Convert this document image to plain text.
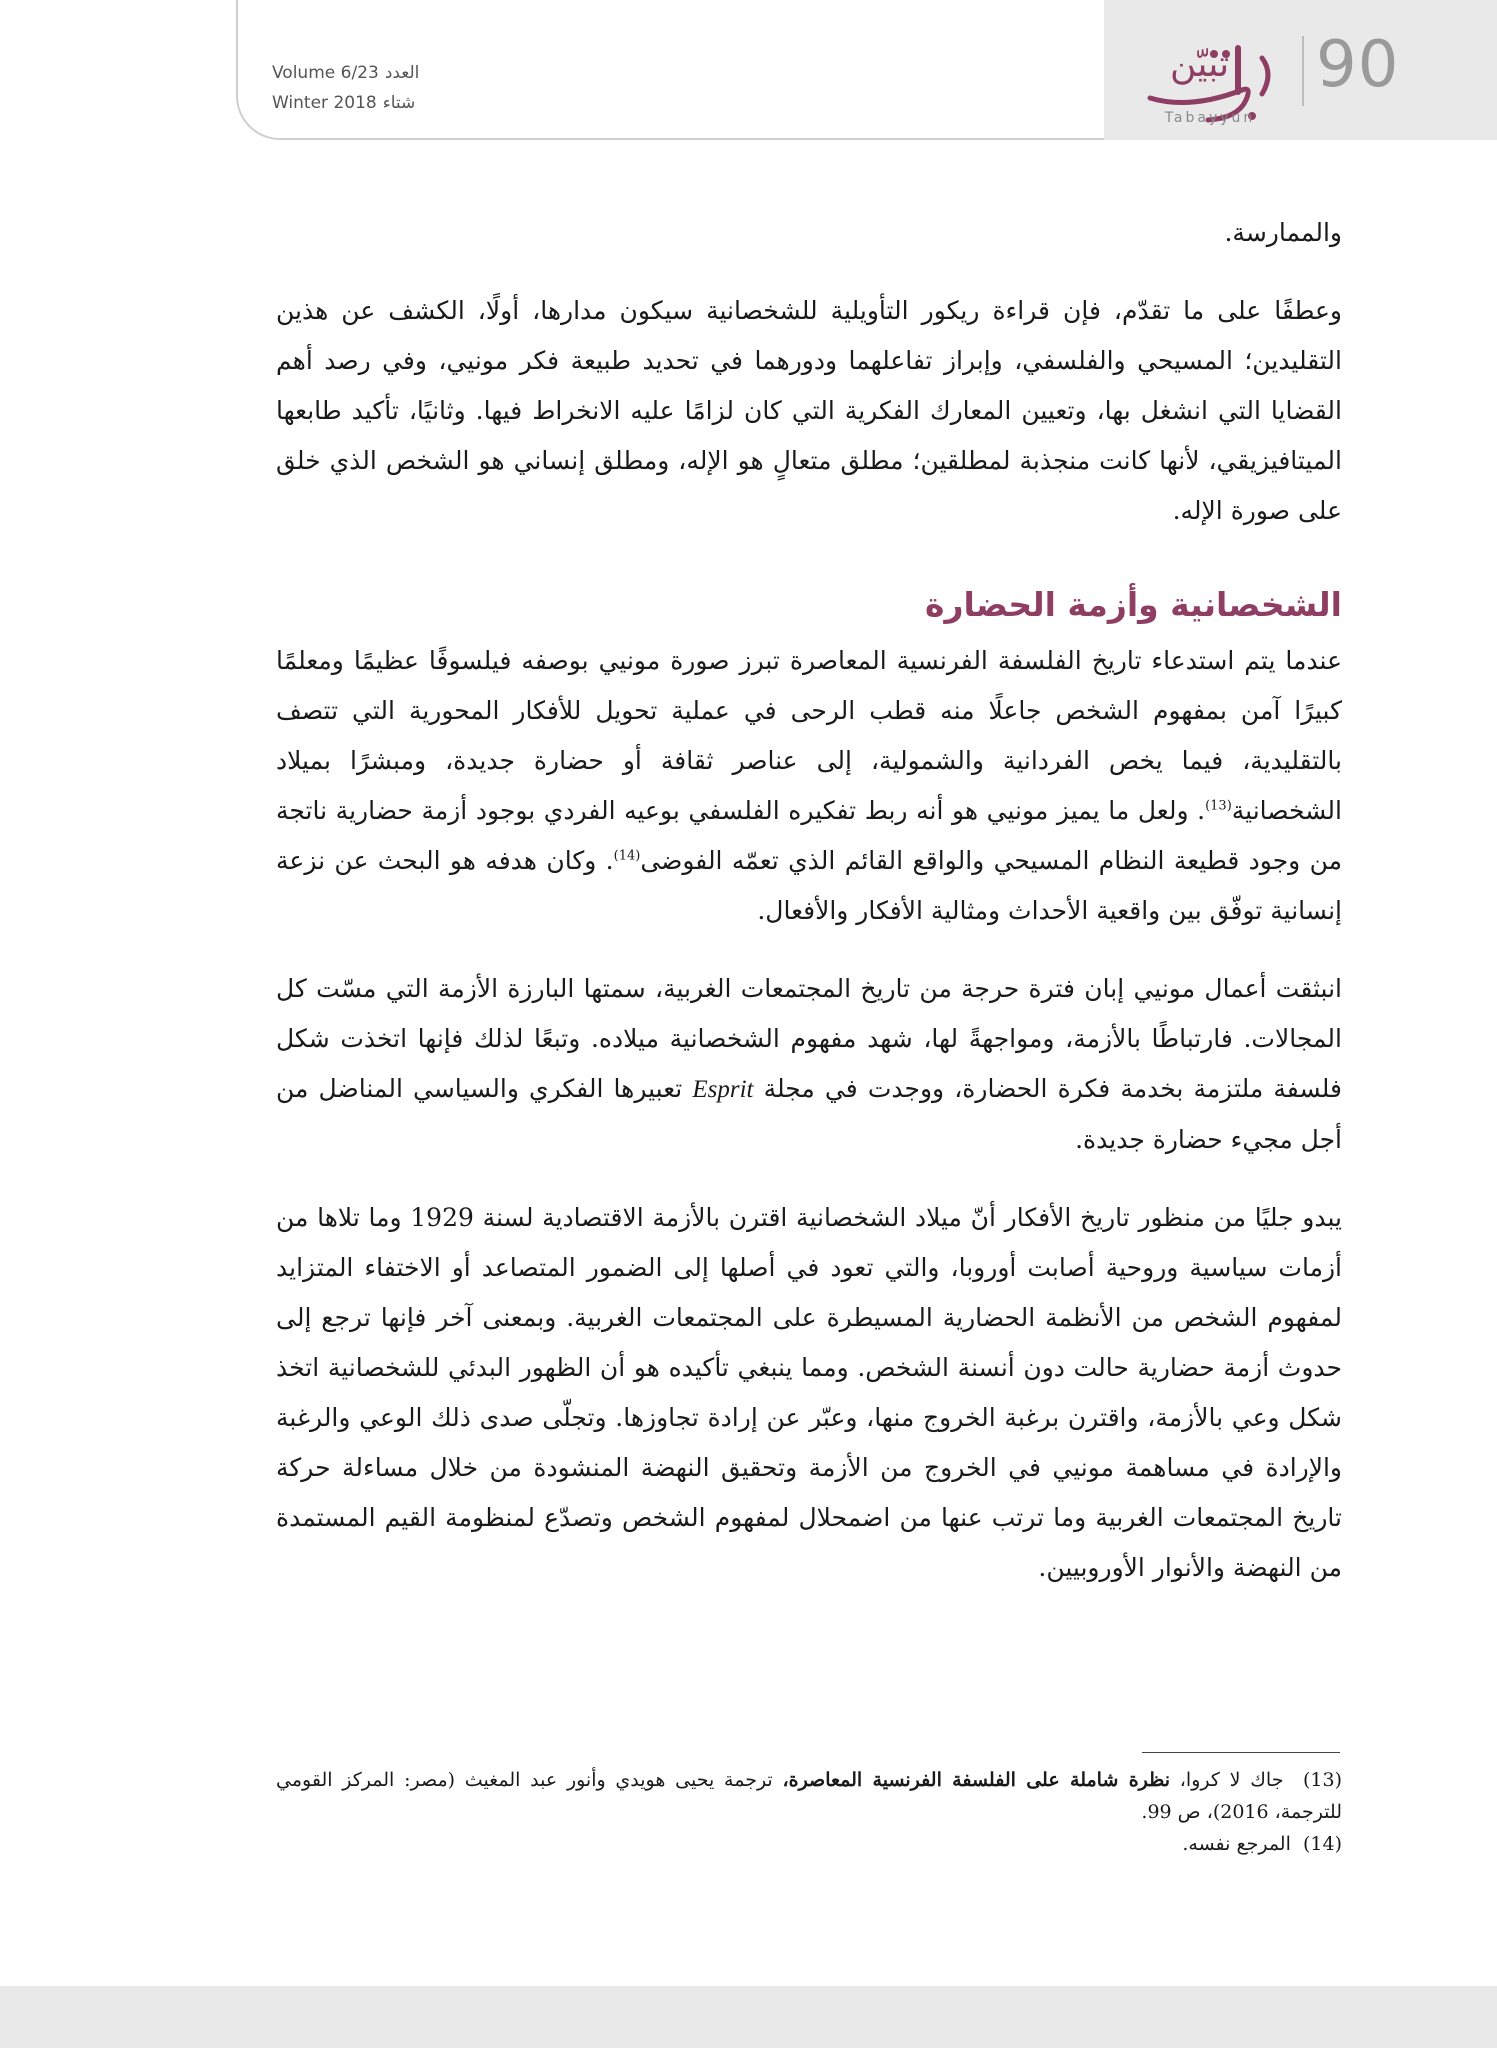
90
تبيّن
Tabayyun
Volume 6/23 العدد
Winter 2018 شتاء

والممارسة.

وعطفًا على ما تقدّم، فإن قراءة ريكور التأويلية للشخصانية سيكون مدارها، أولًا، الكشف عن هذين التقليدين؛ المسيحي والفلسفي، وإبراز تفاعلهما ودورهما في تحديد طبيعة فكر مونيي، وفي رصد أهم القضايا التي انشغل بها، وتعيين المعارك الفكرية التي كان لزامًا عليه الانخراط فيها. وثانيًا، تأكيد طابعها الميتافيزيقي، لأنها كانت منجذبة لمطلقين؛ مطلق متعالٍ هو الإله، ومطلق إنساني هو الشخص الذي خلق على صورة الإله.

الشخصانية وأزمة الحضارة

عندما يتم استدعاء تاريخ الفلسفة الفرنسية المعاصرة تبرز صورة مونيي بوصفه فيلسوفًا عظيمًا ومعلمًا كبيرًا آمن بمفهوم الشخص جاعلًا منه قطب الرحى في عملية تحويل للأفكار المحورية التي تتصف بالتقليدية، فيما يخص الفردانية والشمولية، إلى عناصر ثقافة أو حضارة جديدة، ومبشرًا بميلاد الشخصانية$^{(13)}$. ولعل ما يميز مونيي هو أنه ربط تفكيره الفلسفي بوعيه الفردي بوجود أزمة حضارية ناتجة من وجود قطيعة النظام المسيحي والواقع القائم الذي تعمّه الفوضى$^{(14)}$. وكان هدفه هو البحث عن نزعة إنسانية توفّق بين واقعية الأحداث ومثالية الأفكار والأفعال.

انبثقت أعمال مونيي إبان فترة حرجة من تاريخ المجتمعات الغربية، سمتها البارزة الأزمة التي مسّت كل المجالات. فارتباطًا بالأزمة، ومواجهةً لها، شهد مفهوم الشخصانية ميلاده. وتبعًا لذلك فإنها اتخذت شكل فلسفة ملتزمة بخدمة فكرة الحضارة، ووجدت في مجلة Esprit تعبيرها الفكري والسياسي المناضل من أجل مجيء حضارة جديدة.

يبدو جليًا من منظور تاريخ الأفكار أنّ ميلاد الشخصانية اقترن بالأزمة الاقتصادية لسنة 1929 وما تلاها من أزمات سياسية وروحية أصابت أوروبا، والتي تعود في أصلها إلى الضمور المتصاعد أو الاختفاء المتزايد لمفهوم الشخص من الأنظمة الحضارية المسيطرة على المجتمعات الغربية. وبمعنى آخر فإنها ترجع إلى حدوث أزمة حضارية حالت دون أنسنة الشخص. ومما ينبغي تأكيده هو أن الظهور البدئي للشخصانية اتخذ شكل وعي بالأزمة، واقترن برغبة الخروج منها، وعبّر عن إرادة تجاوزها. وتجلّى صدى ذلك الوعي والرغبة والإرادة في مساهمة مونيي في الخروج من الأزمة وتحقيق النهضة المنشودة من خلال مساءلة حركة تاريخ المجتمعات الغربية وما ترتب عنها من اضمحلال لمفهوم الشخص وتصدّع لمنظومة القيم المستمدة من النهضة والأنوار الأوروبيين.

(13)  جاك لا كروا، نظرة شاملة على الفلسفة الفرنسية المعاصرة، ترجمة يحيى هويدي وأنور عبد المغيث (مصر: المركز القومي للترجمة، 2016)، ص 99.

(14)  المرجع نفسه.
